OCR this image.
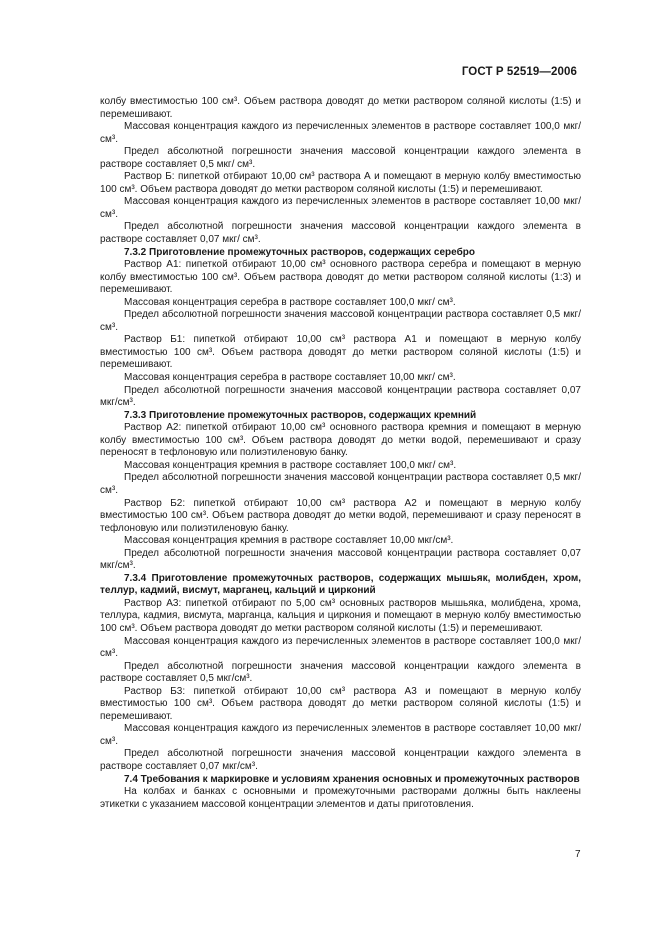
ГОСТ Р 52519—2006

колбу вместимостью 100 см³. Объем раствора доводят до метки раствором соляной кислоты (1:5) и перемешивают.

Массовая концентрация каждого из перечисленных элементов в растворе составляет 100,0 мкг/см³.

Предел абсолютной погрешности значения массовой концентрации каждого элемента в растворе составляет 0,5 мкг/ см³.

Раствор Б: пипеткой отбирают 10,00 см³ раствора А и помещают в мерную колбу вместимостью 100 см³. Объем раствора доводят до метки раствором соляной кислоты (1:5) и перемешивают.

Массовая концентрация каждого из перечисленных элементов в растворе составляет 10,00 мкг/см³.

Предел абсолютной погрешности значения массовой концентрации каждого элемента в растворе составляет 0,07 мкг/ см³.

7.3.2 Приготовление промежуточных растворов, содержащих серебро

Раствор А1: пипеткой отбирают 10,00 см³ основного раствора серебра и помещают в мерную колбу вместимостью 100 см³. Объем раствора доводят до метки раствором соляной кислоты (1:3) и перемешивают.

Массовая концентрация серебра в растворе составляет 100,0 мкг/ см³.

Предел абсолютной погрешности значения массовой концентрации раствора составляет 0,5 мкг/см³.

Раствор Б1: пипеткой отбирают 10,00 см³ раствора А1 и помещают в мерную колбу вместимостью 100 см³. Объем раствора доводят до метки раствором соляной кислоты (1:5) и перемешивают.

Массовая концентрация серебра в растворе составляет 10,00 мкг/ см³.

Предел абсолютной погрешности значения массовой концентрации раствора составляет 0,07 мкг/см³.

7.3.3 Приготовление промежуточных растворов, содержащих кремний

Раствор А2: пипеткой отбирают 10,00 см³ основного раствора кремния и помещают в мерную колбу вместимостью 100 см³. Объем раствора доводят до метки водой, перемешивают и сразу переносят в тефлоновую или полиэтиленовую банку.

Массовая концентрация кремния в растворе составляет 100,0 мкг/ см³.

Предел абсолютной погрешности значения массовой концентрации раствора составляет 0,5 мкг/см³.

Раствор Б2: пипеткой отбирают 10,00 см³ раствора А2 и помещают в мерную колбу вместимостью 100 см³. Объем раствора доводят до метки водой, перемешивают и сразу переносят в тефлоновую или полиэтиленовую банку.

Массовая концентрация кремния в растворе составляет 10,00 мкг/см³.

Предел абсолютной погрешности значения массовой концентрации раствора составляет 0,07 мкг/см³.

7.3.4 Приготовление промежуточных растворов, содержащих мышьяк, молибден, хром, теллур, кадмий, висмут, марганец, кальций и цирконий

Раствор А3: пипеткой отбирают по 5,00 см³ основных растворов мышьяка, молибдена, хрома, теллура, кадмия, висмута, марганца, кальция и циркония и помещают в мерную колбу вместимостью 100 см³. Объем раствора доводят до метки раствором соляной кислоты (1:5) и перемешивают.

Массовая концентрация каждого из перечисленных элементов в растворе составляет 100,0 мкг/см³.

Предел абсолютной погрешности значения массовой концентрации каждого элемента в растворе составляет 0,5 мкг/см³.

Раствор Б3: пипеткой отбирают 10,00 см³ раствора А3 и помещают в мерную колбу вместимостью 100 см³. Объем раствора доводят до метки раствором соляной кислоты (1:5) и перемешивают.

Массовая концентрация каждого из перечисленных элементов в растворе составляет 10,00 мкг/см³.

Предел абсолютной погрешности значения массовой концентрации каждого элемента в растворе составляет 0,07 мкг/см³.

7.4 Требования к маркировке и условиям хранения основных и промежуточных растворов

На колбах и банках с основными и промежуточными растворами должны быть наклеены этикетки с указанием массовой концентрации элементов и даты приготовления.

7
